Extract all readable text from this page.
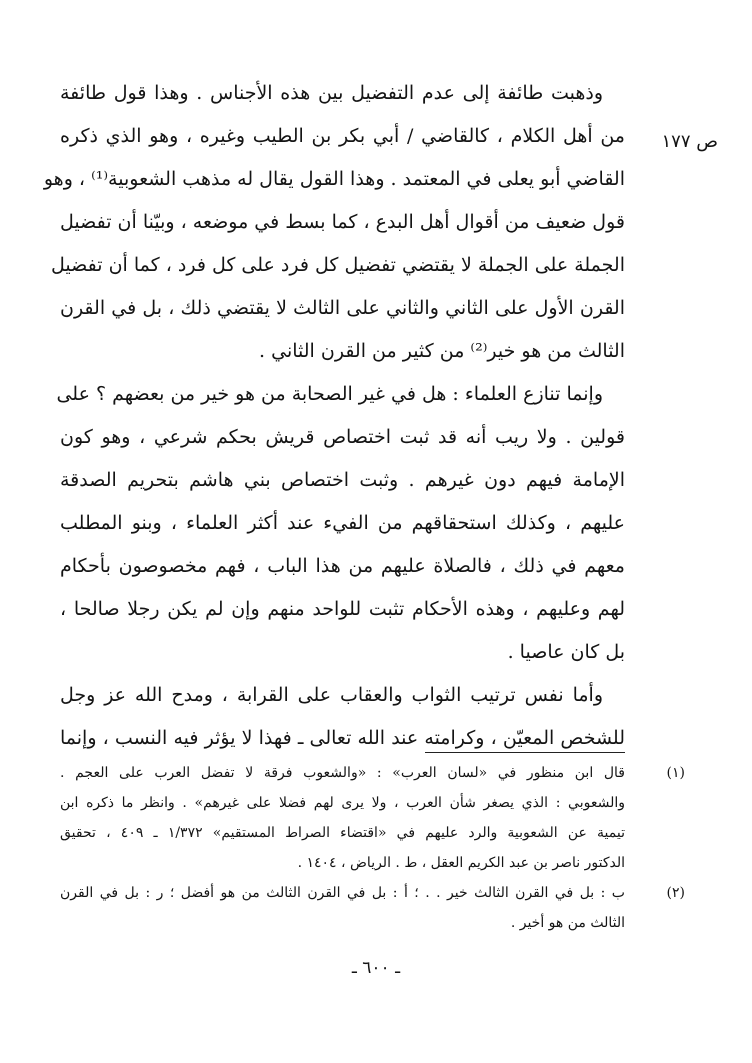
ص ١٧٧
وذهبت طائفة إلى عدم التفضيل بين هذه الأجناس . وهذا قول طائفة
من أهل الكلام ، كالقاضي / أبي بكر بن الطيب وغيره ، وهو الذي ذكره
القاضي أبو يعلى في المعتمد . وهذا القول يقال له مذهب الشعوبية⁽¹⁾ ، وهو
قول ضعيف من أقوال أهل البدع ، كما بسط في موضعه ، وبيّنا أن تفضيل
الجملة على الجملة لا يقتضي تفضيل كل فرد على كل فرد ، كما أن تفضيل
القرن الأول على الثاني والثاني على الثالث لا يقتضي ذلك ، بل في القرن
الثالث من هو خير⁽²⁾ من كثير من القرن الثاني .
وإنما تنازع العلماء : هل في غير الصحابة من هو خير من بعضهم ؟ على
قولين . ولا ريب أنه قد ثبت اختصاص قريش بحكم شرعي ، وهو كون
الإمامة فيهم دون غيرهم . وثبت اختصاص بني هاشم بتحريم الصدقة
عليهم ، وكذلك استحقاقهم من الفيء عند أكثر العلماء ، وبنو المطلب
معهم في ذلك ، فالصلاة عليهم من هذا الباب ، فهم مخصوصون بأحكام
لهم وعليهم ، وهذه الأحكام تثبت للواحد منهم وإن لم يكن رجلا صالحا ،
بل كان عاصيا .
وأما نفس ترتيب الثواب والعقاب على القرابة ، ومدح الله عز وجل
للشخص المعيّن ، وكرامته عند الله تعالى ـ فهذا لا يؤثر فيه النسب ، وإنما
(١)
قال ابن منظور في «لسان العرب» : «والشعوب فرقة لا تفضل العرب على العجم .
والشعوبي : الذي يصغر شأن العرب ، ولا يرى لهم فضلا على غيرهم» . وانظر ما ذكره ابن
تيمية عن الشعوبية والرد عليهم في «اقتضاء الصراط المستقيم» ١/٣٧٢ ـ ٤٠٩ ، تحقيق
الدكتور ناصر بن عبد الكريم العقل ، ط . الرياض ، ١٤٠٤ .
(٢)
ب : بل في القرن الثالث خير . . ؛ أ : بل في القرن الثالث من هو أفضل ؛ ر : بل في القرن
الثالث من هو أخير .
ـ ٦٠٠ ـ
